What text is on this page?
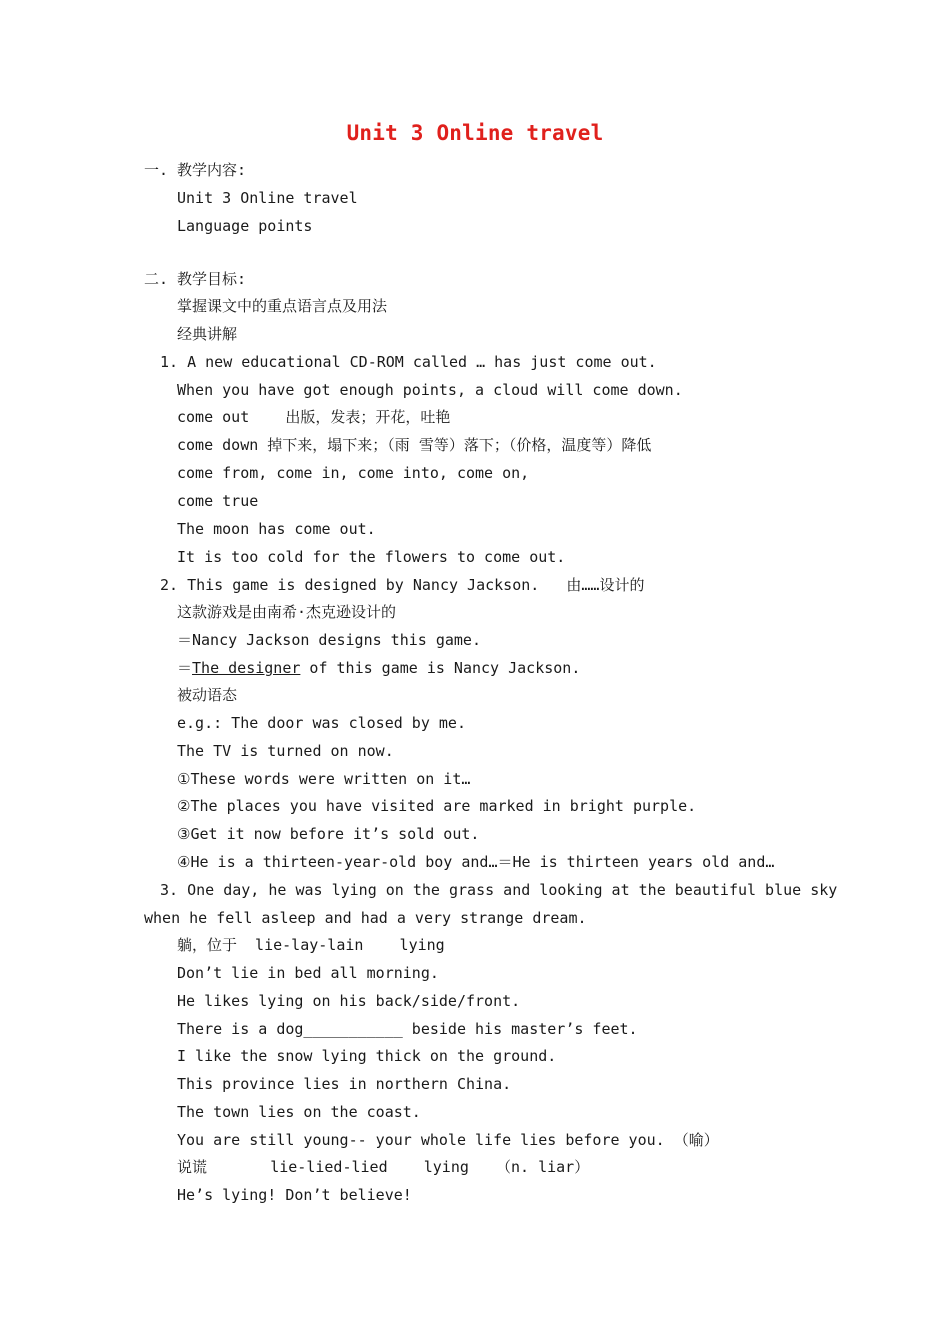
Unit 3 Online travel
一. 教学内容:
Unit 3 Online travel
Language points
二. 教学目标:
掌握课文中的重点语言点及用法
经典讲解
1. A new educational CD-ROM called … has just come out.
When you have got enough points, a cloud will come down.
come out    出版，发表；开花，吐艳
come down 掉下来，塌下来；（雨 雪等）落下；（价格，温度等）降低
come from, come in, come into, come on,
come true
The moon has come out.
It is too cold for the flowers to come out.
2. This game is designed by Nancy Jackson.   由……设计的
这款游戏是由南希·杰克逊设计的
＝Nancy Jackson designs this game.
＝The designer of this game is Nancy Jackson.
被动语态
e.g.: The door was closed by me.
The TV is turned on now.
①These words were written on it…
②The places you have visited are marked in bright purple.
③Get it now before it’s sold out.
④He is a thirteen-year-old boy and…＝He is thirteen years old and…
3. One day, he was lying on the grass and looking at the beautiful blue sky
when he fell asleep and had a very strange dream.
躺，位于  lie-lay-lain    lying
Don’t lie in bed all morning.
He likes lying on his back/side/front.
There is a dog___________ beside his master’s feet.
I like the snow lying thick on the ground.
This province lies in northern China.
The town lies on the coast.
You are still young-- your whole life lies before you. （喻）
说谎       lie-lied-lied    lying   （n. liar）
He’s lying! Don’t believe!
